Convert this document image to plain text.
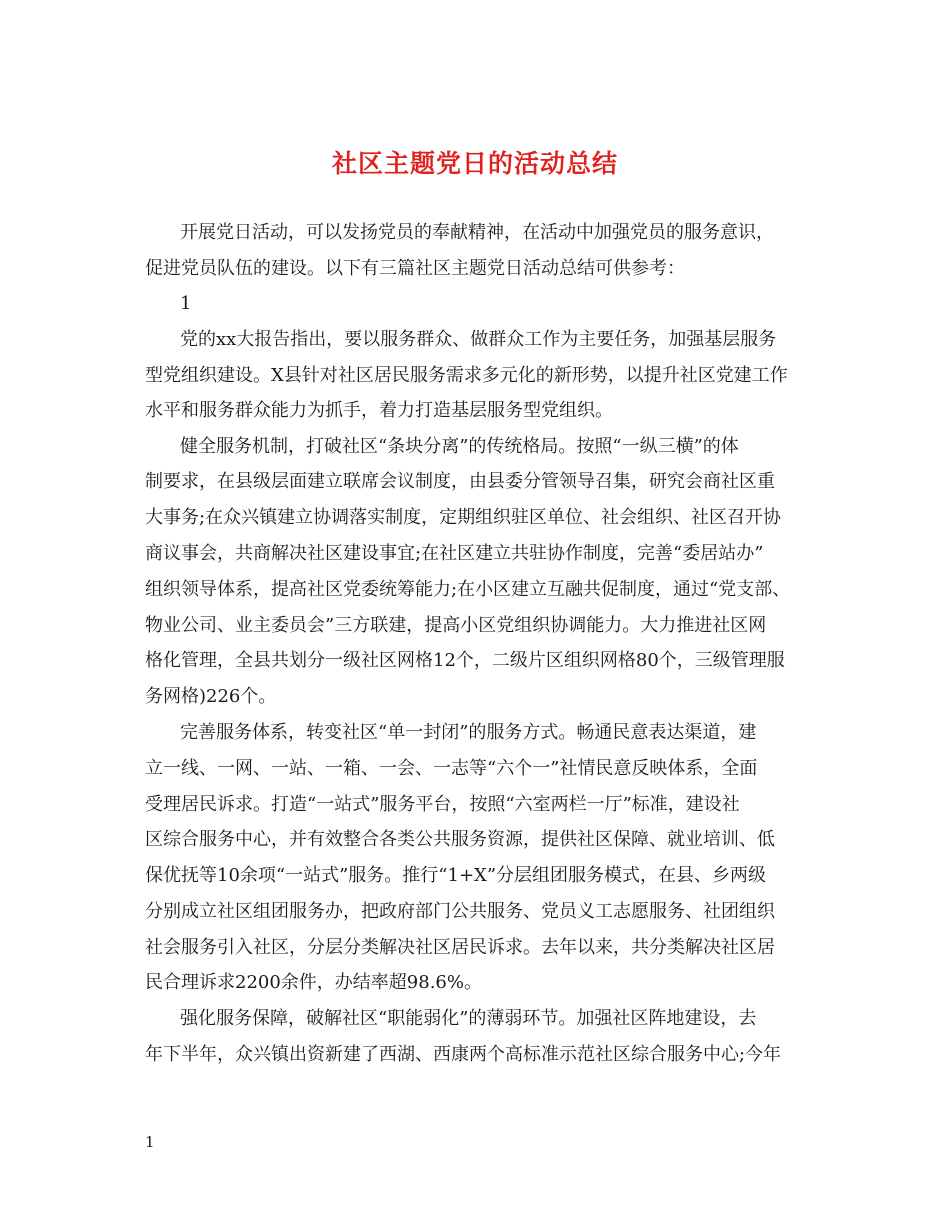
社区主题党日的活动总结

开展党日活动，可以发扬党员的奉献精神，在活动中加强党员的服务意识，

促进党员队伍的建设。以下有三篇社区主题党日活动总结可供参考：

1

党的xx大报告指出，要以服务群众、做群众工作为主要任务，加强基层服务

型党组织建设。X县针对社区居民服务需求多元化的新形势，以提升社区党建工作

水平和服务群众能力为抓手，着力打造基层服务型党组织。

健全服务机制，打破社区“条块分离”的传统格局。按照“一纵三横”的体

制要求，在县级层面建立联席会议制度，由县委分管领导召集，研究会商社区重

大事务;在众兴镇建立协调落实制度，定期组织驻区单位、社会组织、社区召开协

商议事会，共商解决社区建设事宜;在社区建立共驻协作制度，完善“委居站办”

组织领导体系，提高社区党委统筹能力;在小区建立互融共促制度，通过“党支部、

物业公司、业主委员会”三方联建，提高小区党组织协调能力。大力推进社区网

格化管理，全县共划分一级社区网格12个，二级片区组织网格80个，三级管理服

务网格)226个。

完善服务体系，转变社区“单一封闭”的服务方式。畅通民意表达渠道，建

立一线、一网、一站、一箱、一会、一志等“六个一”社情民意反映体系，全面

受理居民诉求。打造“一站式”服务平台，按照“六室两栏一厅”标准，建设社

区综合服务中心，并有效整合各类公共服务资源，提供社区保障、就业培训、低

保优抚等10余项“一站式”服务。推行“1+X”分层组团服务模式，在县、乡两级

分别成立社区组团服务办，把政府部门公共服务、党员义工志愿服务、社团组织

社会服务引入社区，分层分类解决社区居民诉求。去年以来，共分类解决社区居

民合理诉求2200余件，办结率超98.6%。

强化服务保障，破解社区“职能弱化”的薄弱环节。加强社区阵地建设，去

年下半年，众兴镇出资新建了西湖、西康两个高标准示范社区综合服务中心;今年

1
